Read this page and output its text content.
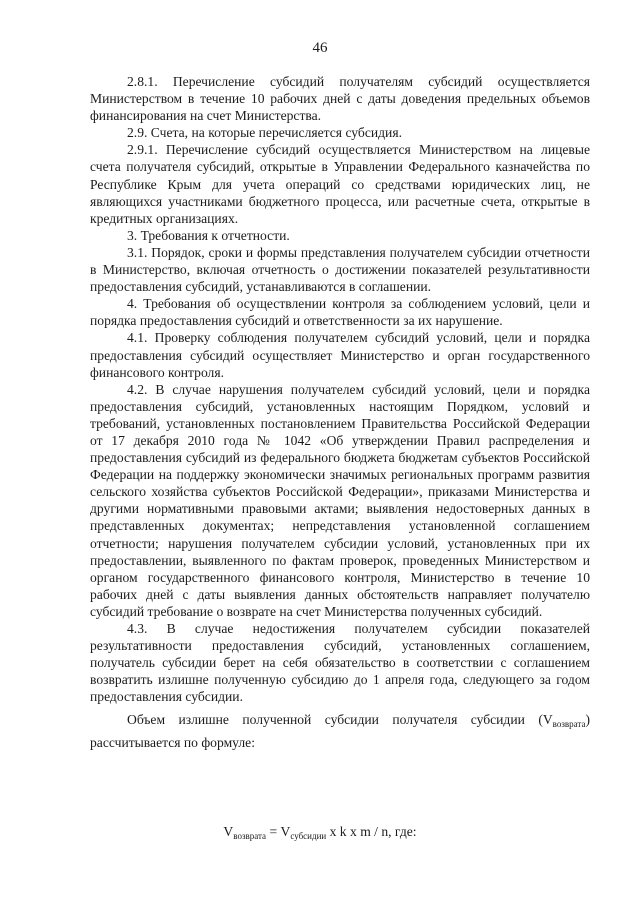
46

2.8.1. Перечисление субсидий получателям субсидий осуществляется Министерством в течение 10 рабочих дней с даты доведения предельных объемов финансирования на счет Министерства.

2.9. Счета, на которые перечисляется субсидия.

2.9.1. Перечисление субсидий осуществляется Министерством на лицевые счета получателя субсидий, открытые в Управлении Федерального казначейства по Республике Крым для учета операций со средствами юридических лиц, не являющихся участниками бюджетного процесса, или расчетные счета, открытые в кредитных организациях.

3. Требования к отчетности.

3.1. Порядок, сроки и формы представления получателем субсидии отчетности в Министерство, включая отчетность о достижении показателей результативности предоставления субсидий, устанавливаются в соглашении.

4. Требования об осуществлении контроля за соблюдением условий, цели и порядка предоставления субсидий и ответственности за их нарушение.

4.1. Проверку соблюдения получателем субсидий условий, цели и порядка предоставления субсидий осуществляет Министерство и орган государственного финансового контроля.

4.2. В случае нарушения получателем субсидий условий, цели и порядка предоставления субсидий, установленных настоящим Порядком, условий и требований, установленных постановлением Правительства Российской Федерации от 17 декабря 2010 года № 1042 «Об утверждении Правил распределения и предоставления субсидий из федерального бюджета бюджетам субъектов Российской Федерации на поддержку экономически значимых региональных программ развития сельского хозяйства субъектов Российской Федерации», приказами Министерства и другими нормативными правовыми актами; выявления недостоверных данных в представленных документах; непредставления установленной соглашением отчетности; нарушения получателем субсидии условий, установленных при их предоставлении, выявленного по фактам проверок, проведенных Министерством и органом государственного финансового контроля, Министерство в течение 10 рабочих дней с даты выявления данных обстоятельств направляет получателю субсидий требование о возврате на счет Министерства полученных субсидий.

4.3. В случае недостижения получателем субсидии показателей результативности предоставления субсидий, установленных соглашением, получатель субсидии берет на себя обязательство в соответствии с соглашением возвратить излишне полученную субсидию до 1 апреля года, следующего за годом предоставления субсидии.

Объем излишне полученной субсидии получателя субсидии $(V_{возврата})$ рассчитывается по формуле:

$V_{возврата} = V_{субсидии}$ x k x m / n, где:
